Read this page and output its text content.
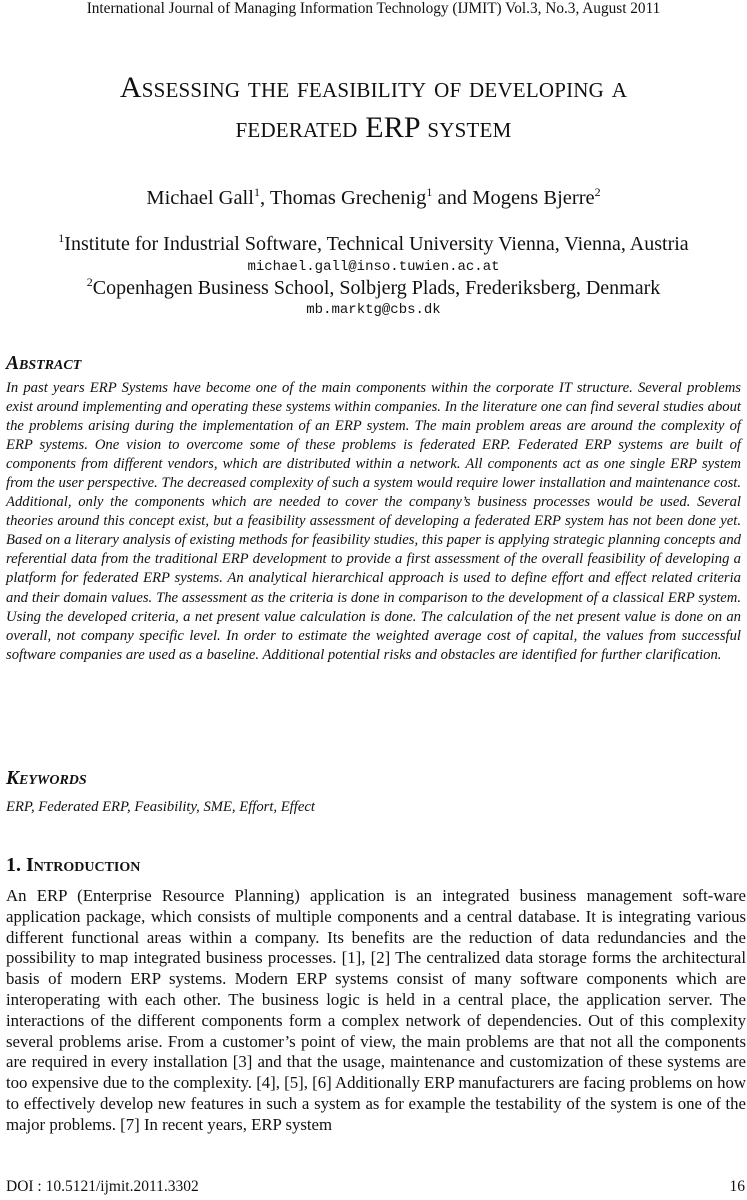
International Journal of Managing Information Technology (IJMIT) Vol.3, No.3, August 2011
Assessing the feasibility of developing a
federated ERP system
Michael Gall$^1$, Thomas Grechenig$^1$ and Mogens Bjerre$^2$
$^1$Institute for Industrial Software, Technical University Vienna, Vienna, Austria
michael.gall@inso.tuwien.ac.at
$^2$Copenhagen Business School, Solbjerg Plads, Frederiksberg, Denmark
mb.marktg@cbs.dk
Abstract
In past years ERP Systems have become one of the main components within the corporate IT structure. Several problems exist around implementing and operating these systems within companies. In the literature one can find several studies about the problems arising during the implementation of an ERP system. The main problem areas are around the complexity of ERP systems. One vision to overcome some of these problems is federated ERP. Federated ERP systems are built of components from different vendors, which are distributed within a network. All components act as one single ERP system from the user perspective. The decreased complexity of such a system would require lower installation and maintenance cost. Additional, only the components which are needed to cover the company’s business processes would be used. Several theories around this concept exist, but a feasibility assessment of developing a federated ERP system has not been done yet. Based on a literary analysis of existing methods for feasibility studies, this paper is applying strategic planning concepts and referential data from the traditional ERP development to provide a first assessment of the overall feasibility of developing a platform for federated ERP systems. An analytical hierarchical approach is used to define effort and effect related criteria and their domain values. The assessment as the criteria is done in comparison to the development of a classical ERP system. Using the developed criteria, a net present value calculation is done. The calculation of the net present value is done on an overall, not company specific level. In order to estimate the weighted average cost of capital, the values from successful software companies are used as a baseline. Additional potential risks and obstacles are identified for further clarification.
Keywords
ERP, Federated ERP, Feasibility, SME, Effort, Effect
1. Introduction
An ERP (Enterprise Resource Planning) application is an integrated business management soft-ware application package, which consists of multiple components and a central database. It is integrating various different functional areas within a company. Its benefits are the reduction of data redundancies and the possibility to map integrated business processes. [1], [2] The centralized data storage forms the architectural basis of modern ERP systems. Modern ERP systems consist of many software components which are interoperating with each other. The business logic is held in a central place, the application server. The interactions of the different components form a complex network of dependencies. Out of this complexity several problems arise. From a customer’s point of view, the main problems are that not all the components are required in every installation [3] and that the usage, maintenance and customization of these systems are too expensive due to the complexity. [4], [5], [6] Additionally ERP manufacturers are facing problems on how to effectively develop new features in such a system as for example the testability of the system is one of the major problems. [7] In recent years, ERP system
DOI : 10.5121/ijmit.2011.3302	16
